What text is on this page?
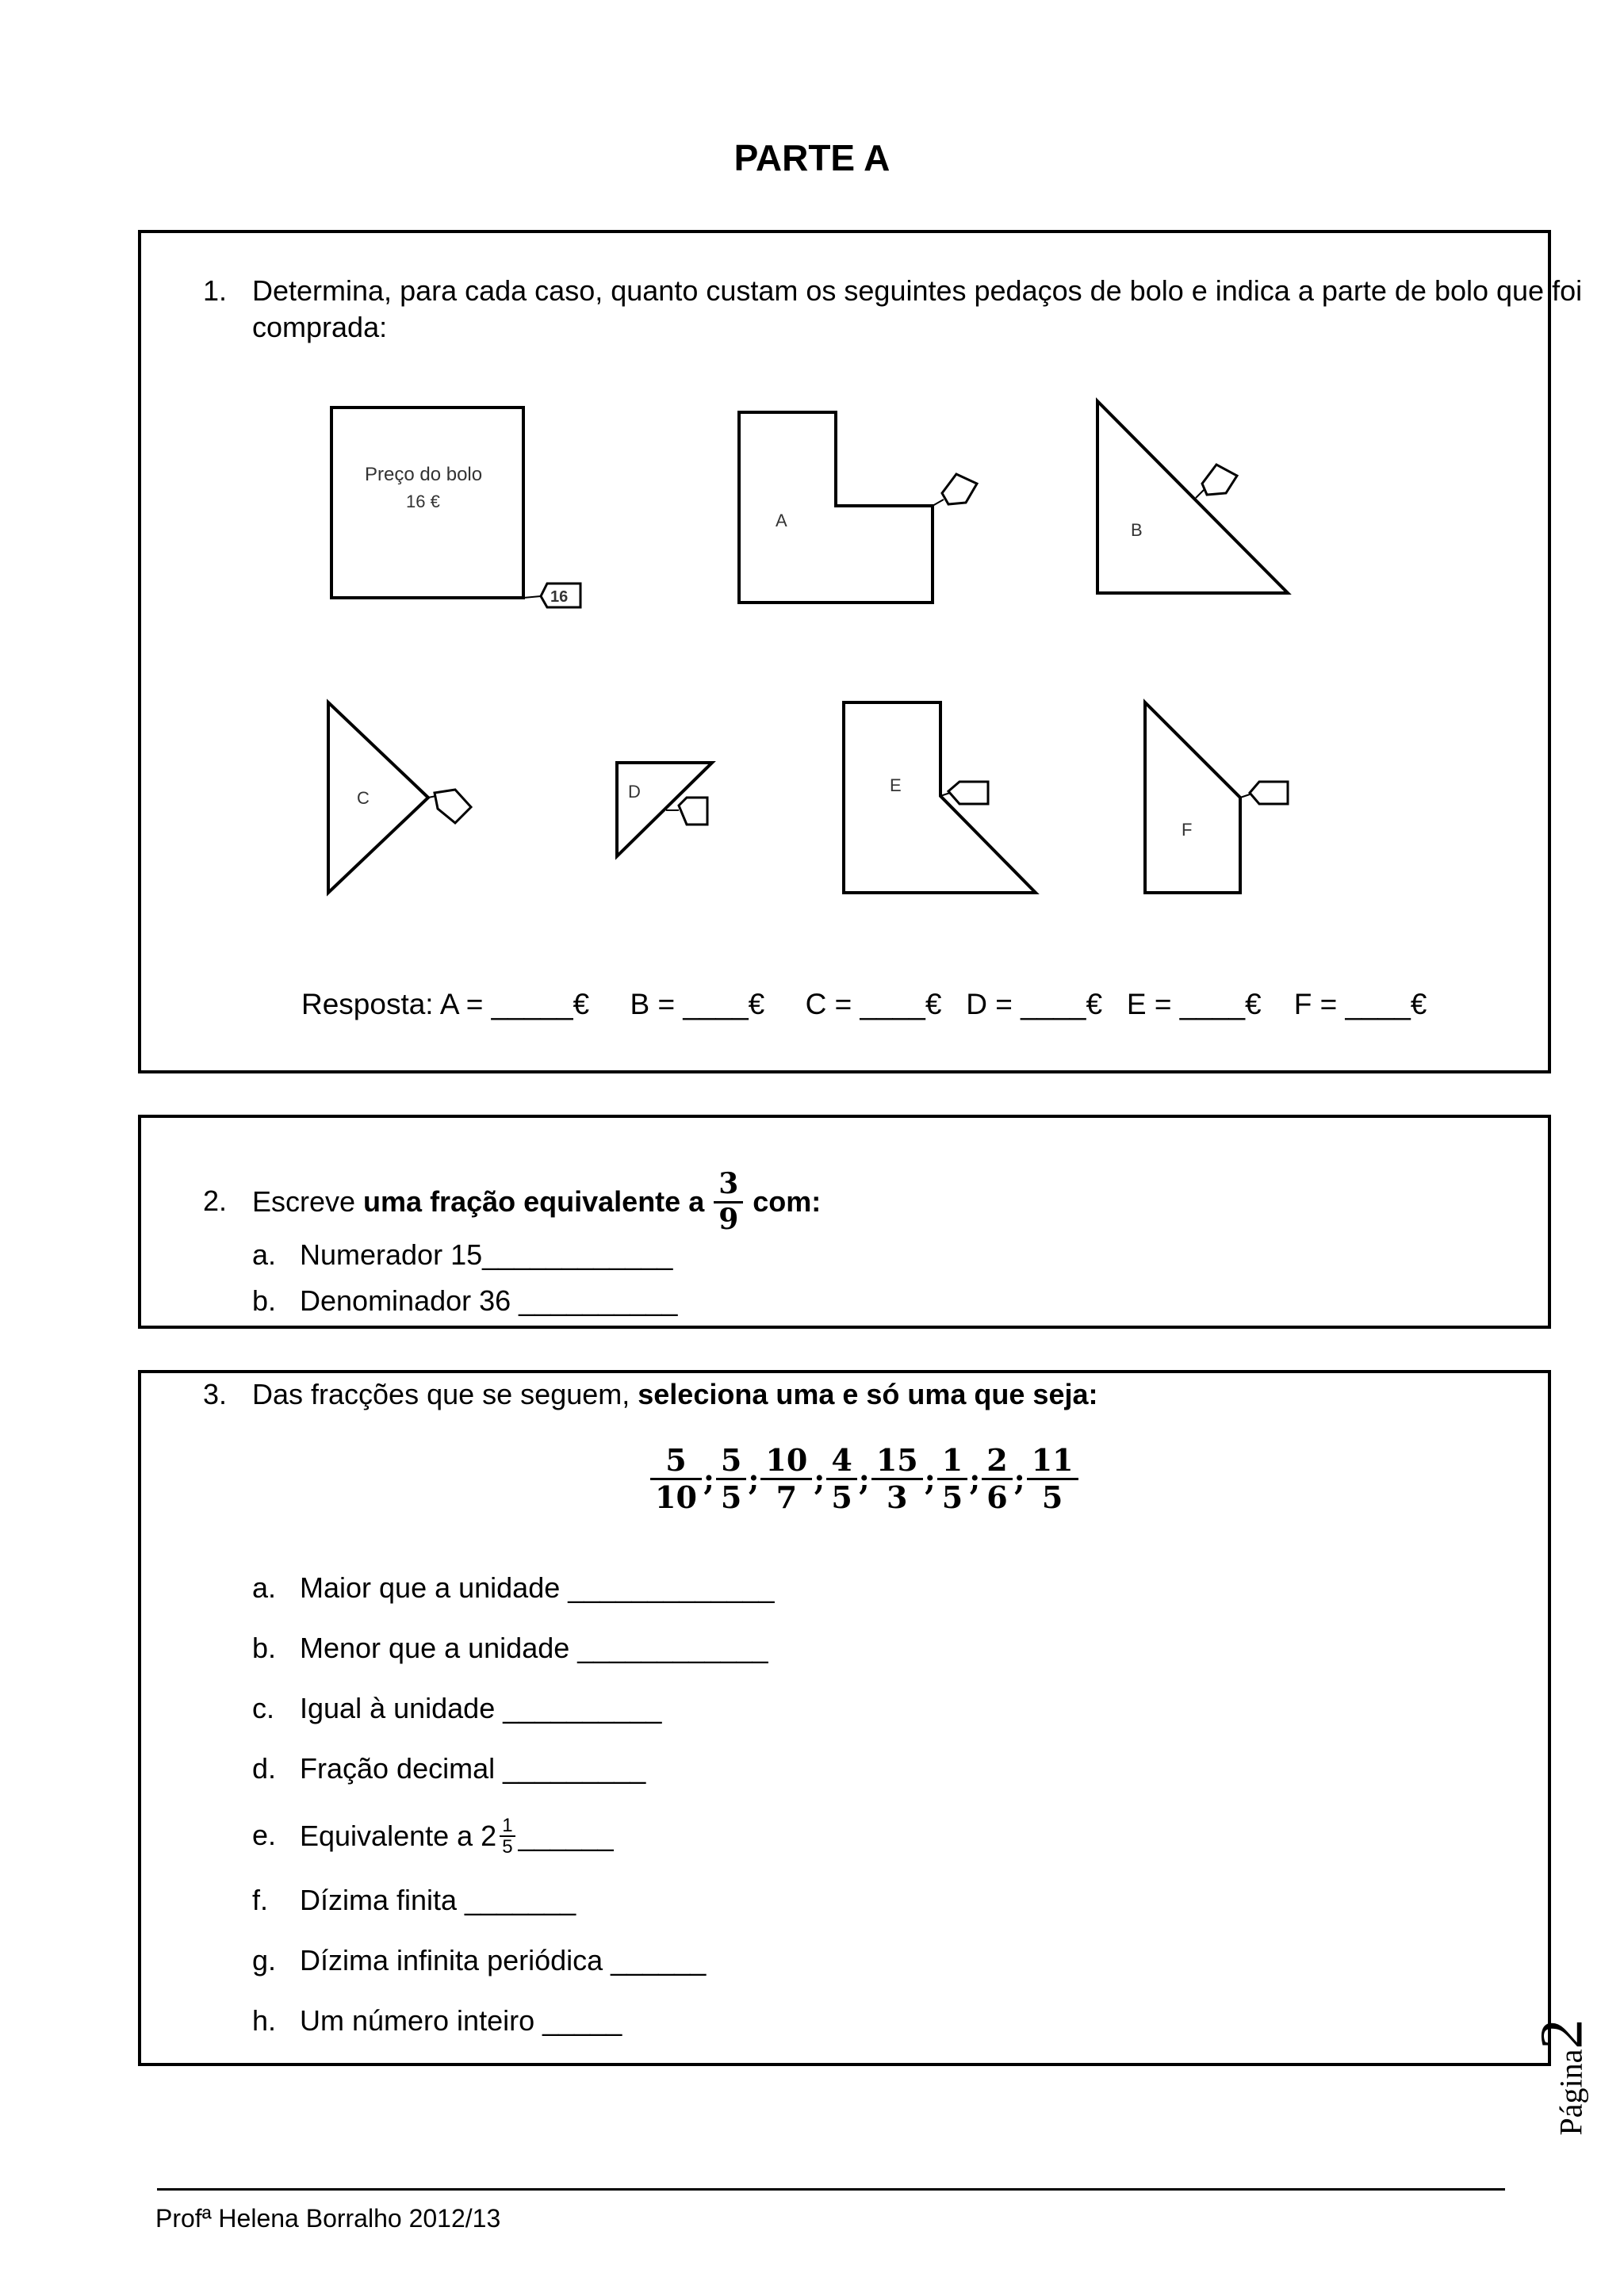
PARTE A
1. Determina, para cada caso, quanto custam os seguintes pedaços de bolo e indica a parte de bolo que foi
comprada:
Preço do bolo
16 €
16
A	B
C	D	E
F
Resposta: A = _____€     B = ____€     C = ____€   D = ____€   E = ____€    F = ____€
2. Escreve uma fração equivalente a $\frac{3}{9}$ com:
a. Numerador 15____________
b. Denominador 36 __________
3. Das fracções que se seguem, seleciona uma e só uma que seja:
$\frac{5}{10}$ ; $\frac{5}{5}$ ; $\frac{10}{7}$ ; $\frac{4}{5}$ ; $\frac{15}{3}$ ; $\frac{1}{5}$ ; $\frac{2}{6}$ ; $\frac{11}{5}$
a. Maior que a unidade _____________
b. Menor que a unidade ____________
c. Igual à unidade __________
d. Fração decimal _________
e. Equivalente a $2 \frac{1}{5}$ ______
f. Dízima finita _______
g. Dízima infinita periódica ______
h. Um número inteiro _____
Página2
Profª Helena Borralho 2012/13
